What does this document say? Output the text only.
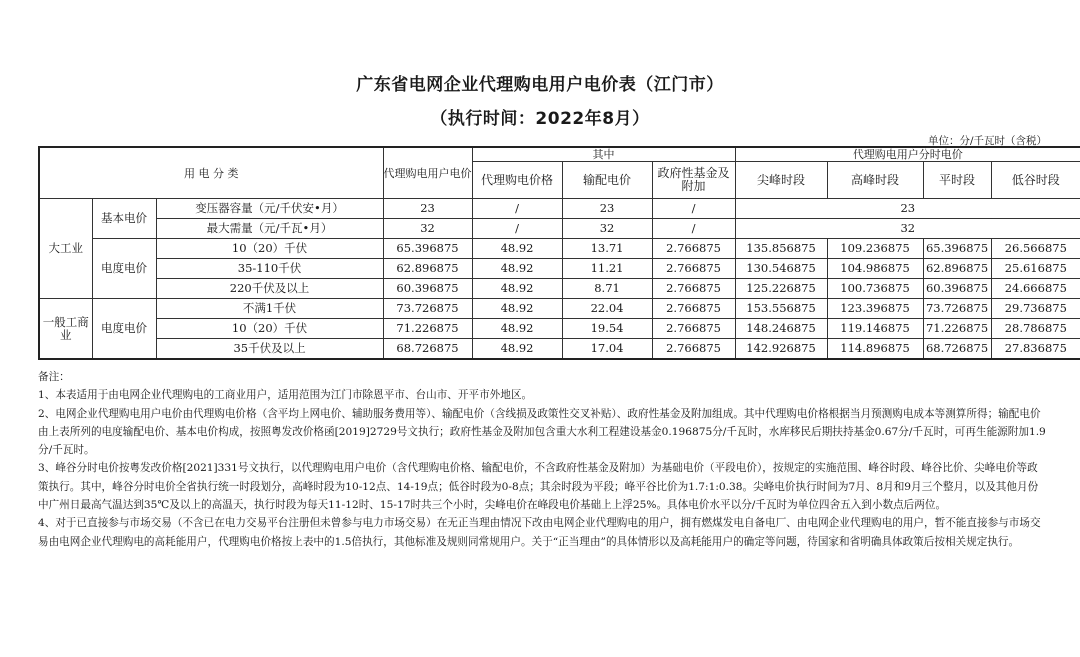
广东省电网企业代理购电用户电价表（江门市）
（执行时间：2022年8月）
单位：分/千瓦时（含税）
用 电 分 类			代理购电用户电价	其中			代理购电用户分时电价			
				代理购电价格	输配电价	政府性基金及附加	尖峰时段	高峰时段	平时段	低谷时段
大工业	基本电价	变压器容量（元/千伏安•月）	23	/	23	/	23			
		最大需量（元/千瓦•月）	32	/	32	/	32			
	电度电价	10（20）千伏	65.396875	48.92	13.71	2.766875	135.856875	109.236875	65.396875	26.566875
		35-110千伏	62.896875	48.92	11.21	2.766875	130.546875	104.986875	62.896875	25.616875
		220千伏及以上	60.396875	48.92	8.71	2.766875	125.226875	100.736875	60.396875	24.666875
一般工商业	电度电价	不满1千伏	73.726875	48.92	22.04	2.766875	153.556875	123.396875	73.726875	29.736875
		10（20）千伏	71.226875	48.92	19.54	2.766875	148.246875	119.146875	71.226875	28.786875
		35千伏及以上	68.726875	48.92	17.04	2.766875	142.926875	114.896875	68.726875	27.836875

备注：

1、本表适用于由电网企业代理购电的工商业用户，适用范围为江门市除恩平市、台山市、开平市外地区。

2、电网企业代理购电用户电价由代理购电价格（含平均上网电价、辅助服务费用等）、输配电价（含线损及政策性交叉补贴）、政府性基金及附加组成。其中代理购电价格根据当月预测购电成本等测算所得；输配电价由上表所列的电度输配电价、基本电价构成，按照粤发改价格函[2019]2729号文执行；政府性基金及附加包含重大水利工程建设基金0.196875分/千瓦时，水库移民后期扶持基金0.67分/千瓦时，可再生能源附加1.9分/千瓦时。

3、峰谷分时电价按粤发改价格[2021]331号文执行，以代理购电用户电价（含代理购电价格、输配电价，不含政府性基金及附加）为基础电价（平段电价），按规定的实施范围、峰谷时段、峰谷比价、尖峰电价等政策执行。其中，峰谷分时电价全省执行统一时段划分，高峰时段为10-12点、14-19点；低谷时段为0-8点；其余时段为平段；峰平谷比价为1.7:1:0.38。尖峰电价执行时间为7月、8月和9月三个整月，以及其他月份中广州日最高气温达到35℃及以上的高温天，执行时段为每天11-12时、15-17时共三个小时，尖峰电价在峰段电价基础上上浮25%。具体电价水平以分/千瓦时为单位四舍五入到小数点后两位。

4、对于已直接参与市场交易（不含已在电力交易平台注册但未曾参与电力市场交易）在无正当理由情况下改由电网企业代理购电的用户，拥有燃煤发电自备电厂、由电网企业代理购电的用户，暂不能直接参与市场交易由电网企业代理购电的高耗能用户，代理购电价格按上表中的1.5倍执行，其他标准及规则同常规用户。关于“正当理由”的具体情形以及高耗能用户的确定等问题，待国家和省明确具体政策后按相关规定执行。
